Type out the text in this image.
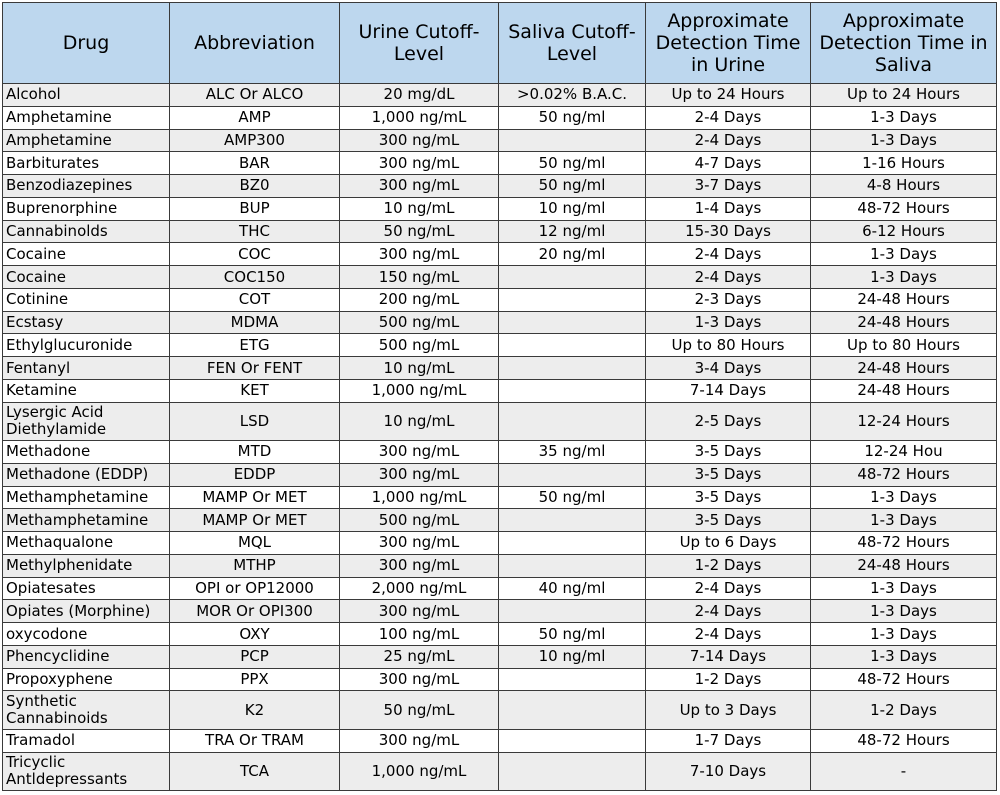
Drug	Abbreviation	Urine Cutoff-Level	Saliva Cutoff-Level	Approximate Detection Time in Urine	Approximate Detection Time in Saliva
Alcohol	ALC Or ALCO	20 mg/dL	>0.02% B.A.C.	Up to 24 Hours	Up to 24 Hours
Amphetamine	AMP	1,000 ng/mL	50 ng/ml	2-4 Days	1-3 Days
Amphetamine	AMP300	300 ng/mL		2-4 Days	1-3 Days
Barbiturates	BAR	300 ng/mL	50 ng/ml	4-7 Days	1-16 Hours
Benzodiazepines	BZ0	300 ng/mL	50 ng/ml	3-7 Days	4-8 Hours
Buprenorphine	BUP	10 ng/mL	10 ng/ml	1-4 Days	48-72 Hours
Cannabinolds	THC	50 ng/mL	12 ng/ml	15-30 Days	6-12 Hours
Cocaine	COC	300 ng/mL	20 ng/ml	2-4 Days	1-3 Days
Cocaine	COC150	150 ng/mL		2-4 Days	1-3 Days
Cotinine	COT	200 ng/mL		2-3 Days	24-48 Hours
Ecstasy	MDMA	500 ng/mL		1-3 Days	24-48 Hours
Ethylglucuronide	ETG	500 ng/mL		Up to 80 Hours	Up to 80 Hours
Fentanyl	FEN Or FENT	10 ng/mL		3-4 Days	24-48 Hours
Ketamine	KET	1,000 ng/mL		7-14 Days	24-48 Hours
Lysergic Acid Diethylamide	LSD	10 ng/mL		2-5 Days	12-24 Hours
Methadone	MTD	300 ng/mL	35 ng/ml	3-5 Days	12-24 Hou
Methadone (EDDP)	EDDP	300 ng/mL		3-5 Days	48-72 Hours
Methamphetamine	MAMP Or MET	1,000 ng/mL	50 ng/ml	3-5 Days	1-3 Days
Methamphetamine	MAMP Or MET	500 ng/mL		3-5 Days	1-3 Days
Methaqualone	MQL	300 ng/mL		Up to 6 Days	48-72 Hours
Methylphenidate	MTHP	300 ng/mL		1-2 Days	24-48 Hours
Opiatesates	OPI or OP12000	2,000 ng/mL	40 ng/ml	2-4 Days	1-3 Days
Opiates (Morphine)	MOR Or OPI300	300 ng/mL		2-4 Days	1-3 Days
oxycodone	OXY	100 ng/mL	50 ng/ml	2-4 Days	1-3 Days
Phencyclidine	PCP	25 ng/mL	10 ng/ml	7-14 Days	1-3 Days
Propoxyphene	PPX	300 ng/mL		1-2 Days	48-72 Hours
Synthetic Cannabinoids	K2	50 ng/mL		Up to 3 Days	1-2 Days
Tramadol	TRA Or TRAM	300 ng/mL		1-7 Days	48-72 Hours
Tricyclic Antldepressants	TCA	1,000 ng/mL		7-10 Days	-
